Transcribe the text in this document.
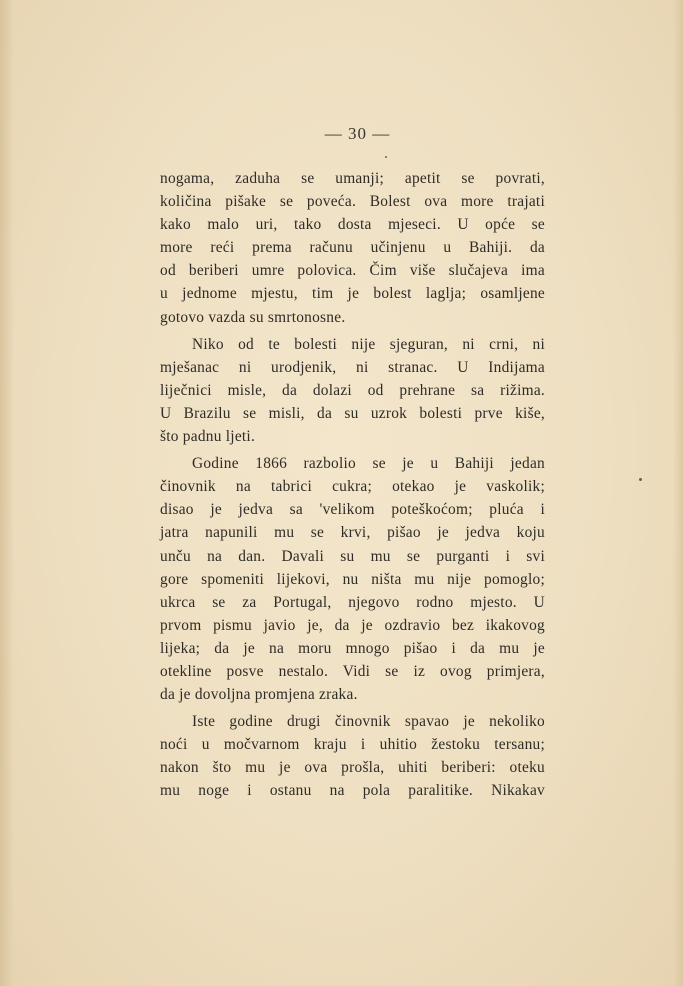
— 30 —
nogama, zaduha se umanji; apetit se povrati,
količina pišake se poveća. Bolest ova more trajati
kako malo uri, tako dosta mjeseci. U opće se
more reći prema računu učinjenu u Bahiji. da
od beriberi umre polovica. Čim više slučajeva ima
u jednome mjestu, tim je bolest laglja; osamljene
gotovo vazda su smrtonosne.
Niko od te bolesti nije sjeguran, ni crni, ni
mješanac ni urodjenik, ni stranac. U Indijama
liječnici misle, da dolazi od prehrane sa rižima.
U Brazilu se misli, da su uzrok bolesti prve kiše,
što padnu ljeti.
Godine 1866 razbolio se je u Bahiji jedan
činovnik na tabrici cukra; otekao je vaskolik;
disao je jedva sa 'velikom poteškoćom; pluća i
jatra napunili mu se krvi, pišao je jedva koju
unču na dan. Davali su mu se purganti i svi
gore spomeniti lijekovi, nu ništa mu nije pomoglo;
ukrca se za Portugal, njegovo rodno mjesto. U
prvom pismu javio je, da je ozdravio bez ikakovog
lijeka; da je na moru mnogo pišao i da mu je
otekline posve nestalo. Vidi se iz ovog primjera,
da je dovoljna promjena zraka.
Iste godine drugi činovnik spavao je nekoliko
noći u močvarnom kraju i uhitio žestoku tersanu;
nakon što mu je ova prošla, uhiti beriberi: oteku
mu noge i ostanu na pola paralitike. Nikakav
